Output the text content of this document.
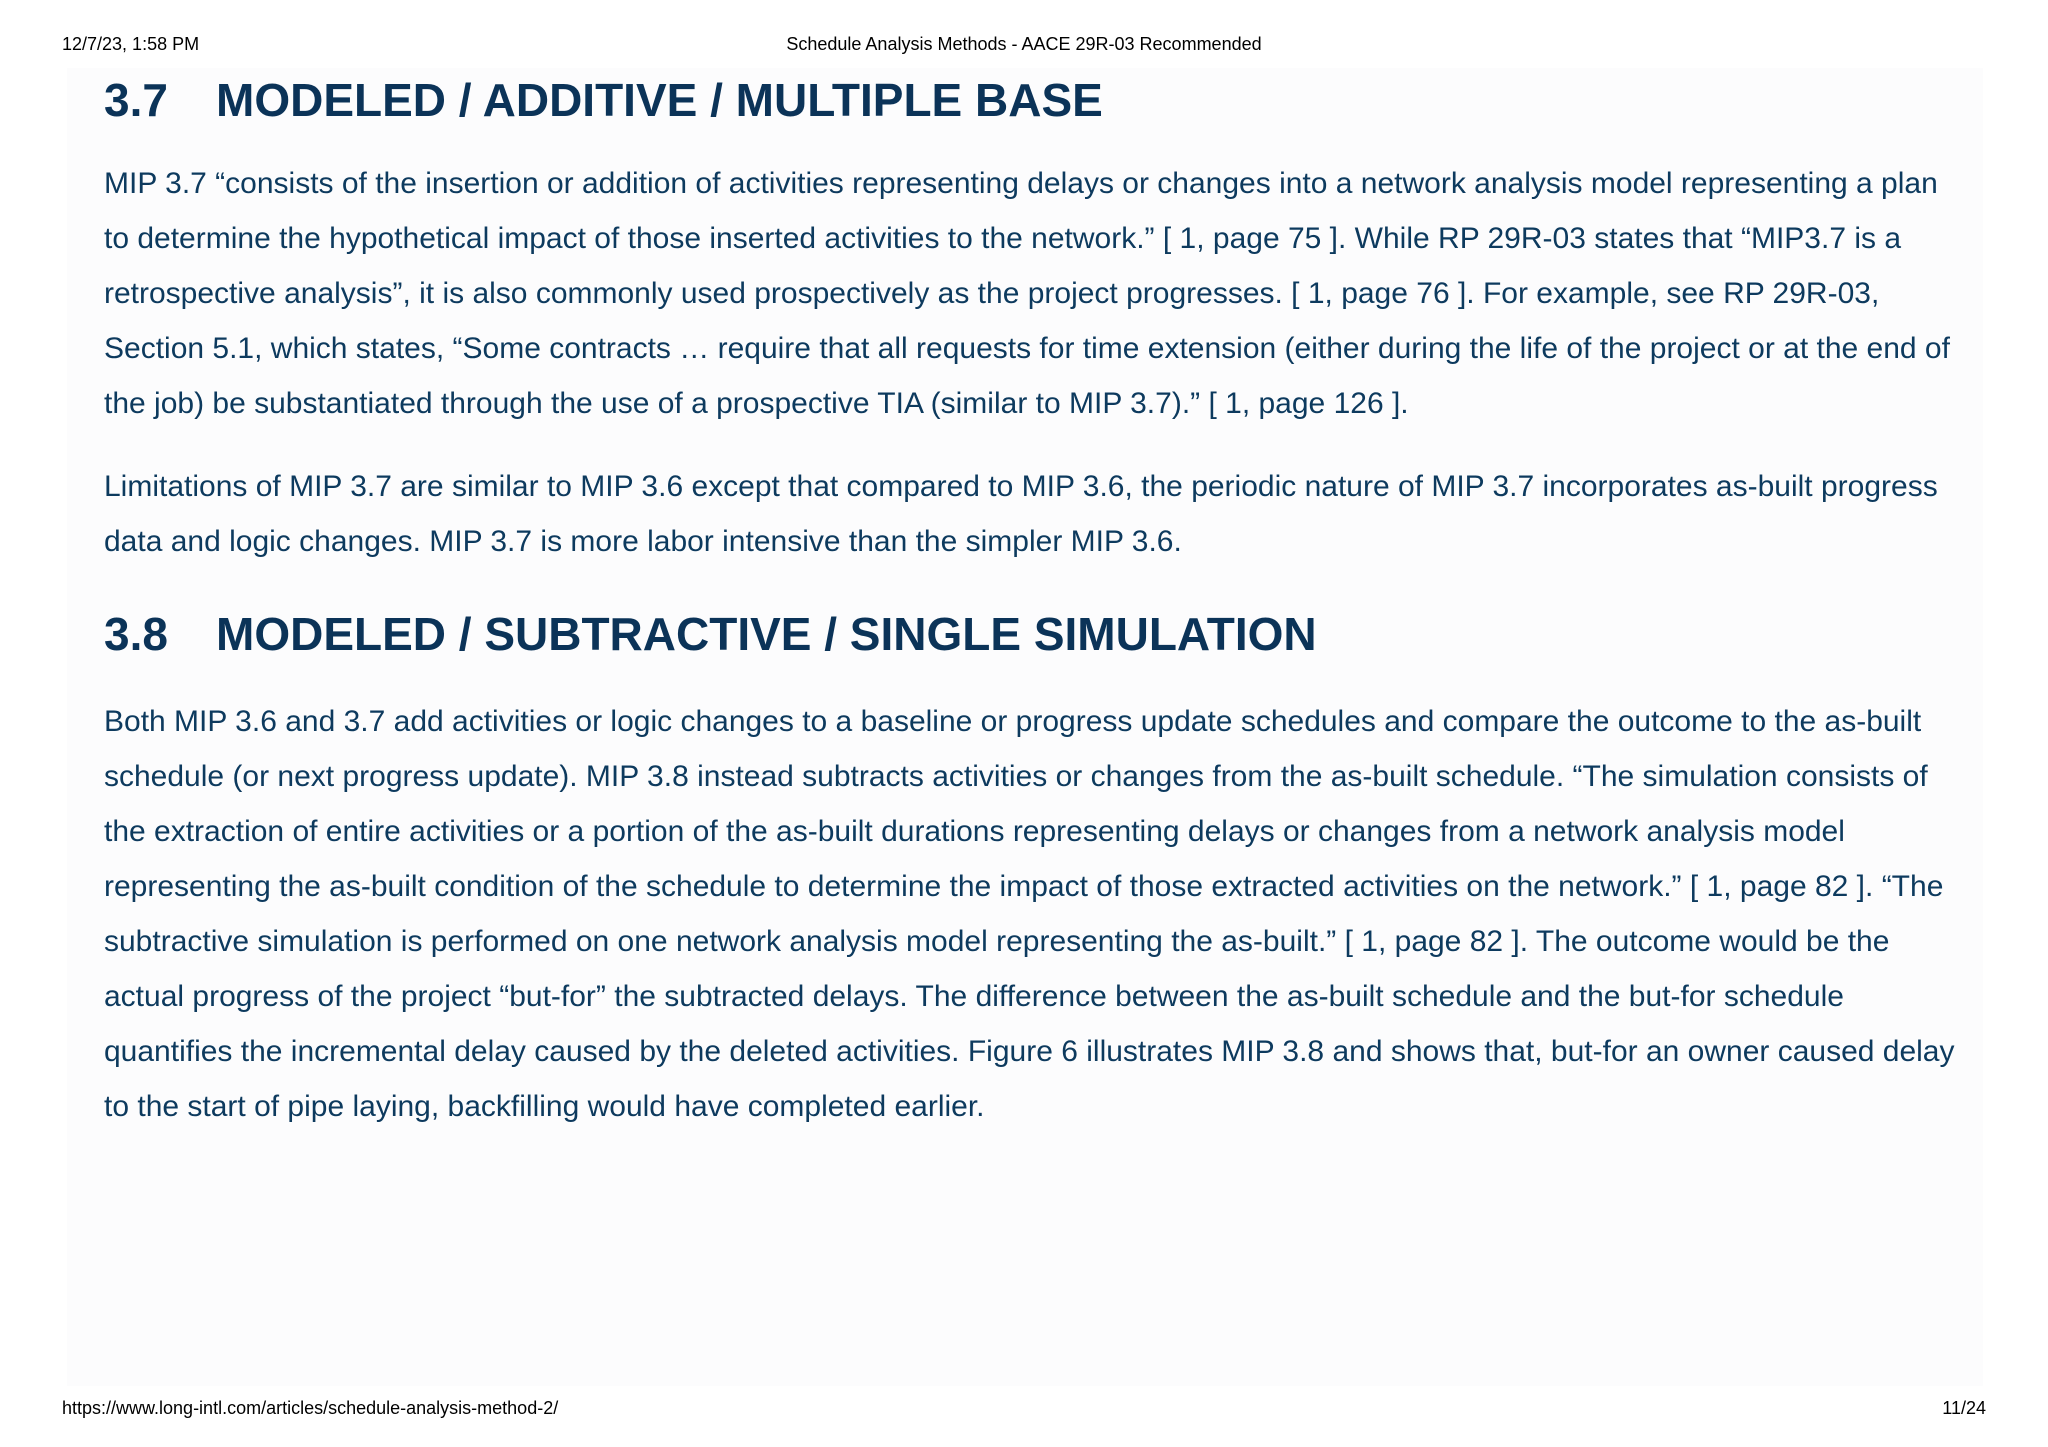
12/7/23, 1:58 PM	Schedule Analysis Methods - AACE 29R-03 Recommended
3.7 MODELED / ADDITIVE / MULTIPLE BASE

MIP 3.7 “consists of the insertion or addition of activities representing delays or changes into a network analysis model representing a plan to determine the hypothetical impact of those inserted activities to the network.” [ 1, page 75 ]. While RP 29R-03 states that “MIP3.7 is a retrospective analysis”, it is also commonly used prospectively as the project progresses. [ 1, page 76 ]. For example, see RP 29R-03, Section 5.1, which states, “Some contracts … require that all requests for time extension (either during the life of the project or at the end of the job) be substantiated through the use of a prospective TIA (similar to MIP 3.7).” [ 1, page 126 ].

Limitations of MIP 3.7 are similar to MIP 3.6 except that compared to MIP 3.6, the periodic nature of MIP 3.7 incorporates as-built progress data and logic changes. MIP 3.7 is more labor intensive than the simpler MIP 3.6.

3.8 MODELED / SUBTRACTIVE / SINGLE SIMULATION

Both MIP 3.6 and 3.7 add activities or logic changes to a baseline or progress update schedules and compare the outcome to the as-built schedule (or next progress update). MIP 3.8 instead subtracts activities or changes from the as-built schedule. “The simulation consists of the extraction of entire activities or a portion of the as-built durations representing delays or changes from a network analysis model representing the as-built condition of the schedule to determine the impact of those extracted activities on the network.” [ 1, page 82 ]. “The subtractive simulation is performed on one network analysis model representing the as-built.” [ 1, page 82 ]. The outcome would be the actual progress of the project “but-for” the subtracted delays. The difference between the as-built schedule and the but-for schedule quantifies the incremental delay caused by the deleted activities. Figure 6 illustrates MIP 3.8 and shows that, but-for an owner caused delay to the start of pipe laying, backfilling would have completed earlier.

https://www.long-intl.com/articles/schedule-analysis-method-2/	11/24
